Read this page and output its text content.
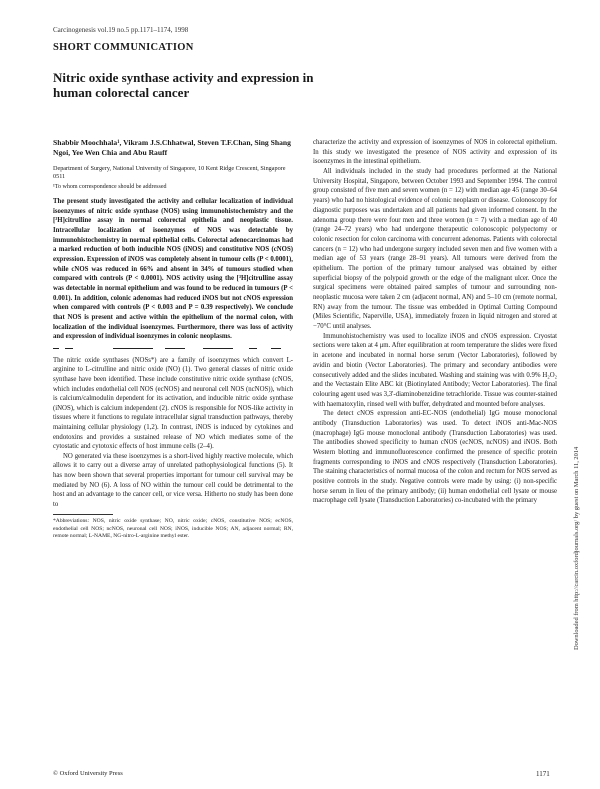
Carcinogenesis vol.19 no.5 pp.1171–1174, 1998
SHORT COMMUNICATION
Nitric oxide synthase activity and expression in human colorectal cancer

Shabbir Moochhala¹, Vikram J.S.Chhatwal, Steven T.F.Chan, Sing Shang Ngoi, Yee Wen Chia and Abu Rauff

Department of Surgery, National University of Singapore, 10 Kent Ridge Crescent, Singapore 0511

¹To whom correspondence should be addressed

The present study investigated the activity and cellular localization of individual isoenzymes of nitric oxide synthase (NOS) using immunohistochemistry and the [³H]citrulline assay in normal colorectal epithelia and neoplastic tissue. Intracellular localization of isoenzymes of NOS was detectable by immunohistochemistry in normal epithelial cells. Colorectal adenocarcinomas had a marked reduction of both inducible NOS (iNOS) and constitutive NOS (cNOS) expression. Expression of iNOS was completely absent in tumour cells (P < 0.0001), while cNOS was reduced in 66% and absent in 34% of tumours studied when compared with controls (P < 0.0001). NOS activity using the [³H]citrulline assay was detectable in normal epithelium and was found to be reduced in tumours (P < 0.001). In addition, colonic adenomas had reduced iNOS but not cNOS expression when compared with controls (P < 0.003 and P = 0.39 respectively). We conclude that NOS is present and active within the epithelium of the normal colon, with localization of the individual isoenzymes. Furthermore, there was loss of activity and expression of individual isoenzymes in colonic neoplasms.

The nitric oxide synthases (NOSs*) are a family of isoenzymes which convert L-arginine to L-citrulline and nitric oxide (NO) (1). Two general classes of nitric oxide synthase have been identified. These include constitutive nitric oxide synthase (cNOS, which includes endothelial cell NOS (ecNOS) and neuronal cell NOS (ncNOS)), which is calcium/calmodulin dependent for its activation, and inducible nitric oxide synthase (iNOS), which is calcium independent (2). cNOS is responsible for NOS-like activity in tissues where it functions to regulate intracellular signal transduction pathways, thereby maintaining cellular physiology (1,2). In contrast, iNOS is induced by cytokines and endotoxins and provides a sustained release of NO which mediates some of the cytostatic and cytotoxic effects of host immune cells (2–4).

NO generated via these isoenzymes is a short-lived highly reactive molecule, which allows it to carry out a diverse array of unrelated pathophysiological functions (5). It has now been shown that several properties important for tumour cell survival may be mediated by NO (6). A loss of NO within the tumour cell could be detrimental to the host and an advantage to the cancer cell, or vice versa. Hitherto no study has been done to

*Abbreviations: NOS, nitric oxide synthase; NO, nitric oxide; cNOS, constitutive NOS; ecNOS, endothelial cell NOS; ncNOS, neuronal cell NOS; iNOS, inducible NOS; AN, adjacent normal; RN, remote normal; L-NAME, NG-nitro-L-arginine methyl ester.

characterize the activity and expression of isoenzymes of NOS in colorectal epithelium. In this study we investigated the presence of NOS activity and expression of its isoenzymes in the intestinal epithelium.

All individuals included in the study had procedures performed at the National University Hospital, Singapore, between October 1993 and September 1994. The control group consisted of five men and seven women (n = 12) with median age 45 (range 30–64 years) who had no histological evidence of colonic neoplasm or disease. Colonoscopy for diagnostic purposes was undertaken and all patients had given informed consent. In the adenoma group there were four men and three women (n = 7) with a median age of 40 (range 24–72 years) who had undergone therapeutic colonoscopic polypectomy or colonic resection for colon carcinoma with concurrent adenomas. Patients with colorectal cancers (n = 12) who had undergone surgery included seven men and five women with a median age of 53 years (range 28–91 years). All tumours were derived from the epithelium. The portion of the primary tumour analysed was obtained by either superficial biopsy of the polypoid growth or the edge of the malignant ulcer. Once the surgical specimens were obtained paired samples of tumour and surrounding non-neoplastic mucosa were taken 2 cm (adjacent normal, AN) and 5–10 cm (remote normal, RN) away from the tumour. The tissue was embedded in Optimal Cutting Compound (Miles Scientific, Naperville, USA), immediately frozen in liquid nitrogen and stored at −70°C until analyses.

Immunohistochemistry was used to localize iNOS and cNOS expression. Cryostat sections were taken at 4 μm. After equilibration at room temperature the slides were fixed in acetone and incubated in normal horse serum (Vector Laboratories), followed by avidin and biotin (Vector Laboratories). The primary and secondary antibodies were consecutively added and the slides incubated. Washing and staining was with 0.9% H₂O₂ and the Vectastain Elite ABC kit (Biotinylated Antibody; Vector Laboratories). The final colouring agent used was 3,3'-diaminobenzidine tetrachloride. Tissue was counter-stained with haematoxylin, rinsed well with buffer, dehydrated and mounted before analyses.

The detect cNOS expression anti-EC-NOS (endothelial) IgG mouse monoclonal antibody (Transduction Laboratories) was used. To detect iNOS anti-Mac-NOS (macrophage) IgG mouse monoclonal antibody (Transduction Laboratories) was used. The antibodies showed specificity to human cNOS (ecNOS, ncNOS) and iNOS. Both Western blotting and immunofluorescence confirmed the presence of specific protein fragments corresponding to iNOS and cNOS respectively (Transduction Laboratories). The staining characteristics of normal mucosa of the colon and rectum for NOS served as positive controls in the study. Negative controls were made by using: (i) non-specific horse serum in lieu of the primary antibody; (ii) human endothelial cell lysate or mouse macrophage cell lysate (Transduction Laboratories) co-incubated with the primary

© Oxford University Press	1171
Downloaded from http://carcin.oxfordjournals.org/ by guest on March 11, 2014
